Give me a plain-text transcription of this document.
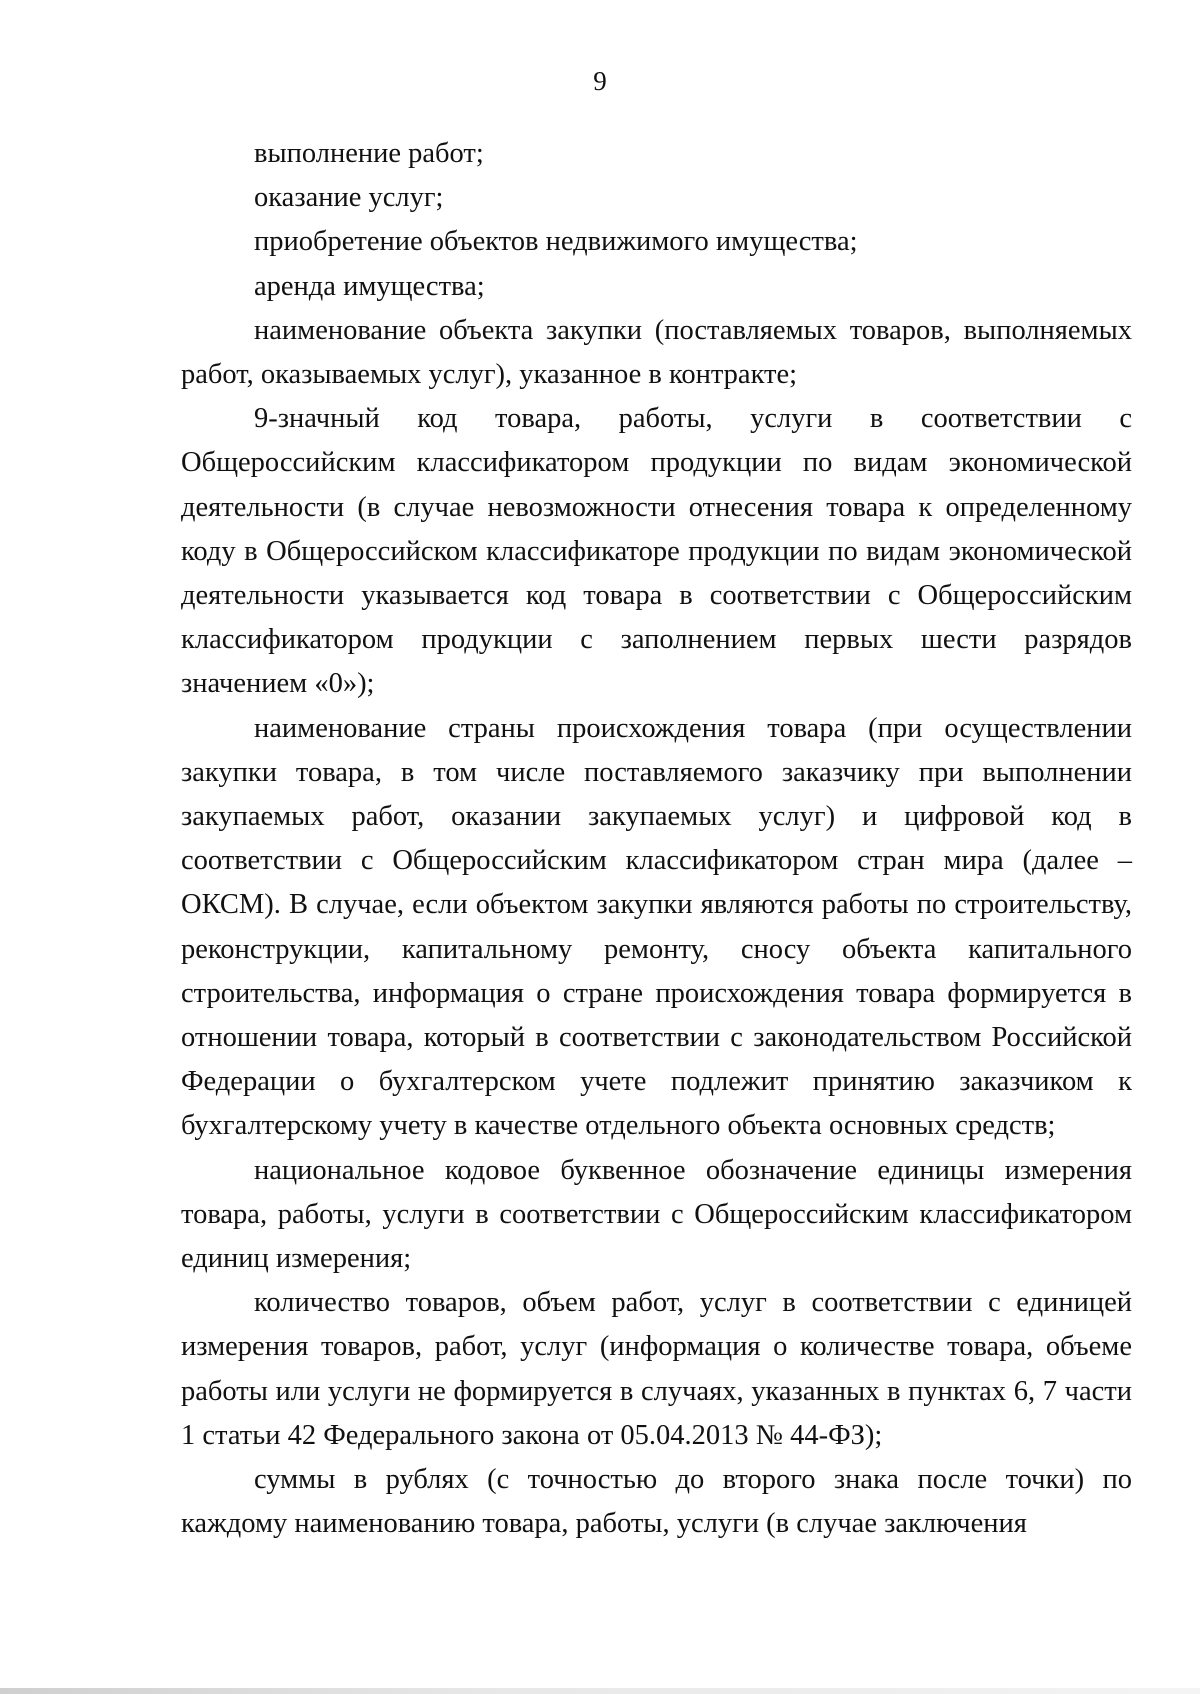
9

выполнение работ;

оказание услуг;

приобретение объектов недвижимого имущества;

аренда имущества;

наименование объекта закупки (поставляемых товаров, выполняемых работ, оказываемых услуг), указанное в контракте;

9-значный код товара, работы, услуги в соответствии с Общероссийским классификатором продукции по видам экономической деятельности (в случае невозможности отнесения товара к определенному коду в Общероссийском классификаторе продукции по видам экономической деятельности указывается код товара в соответствии с Общероссийским классификатором продукции с заполнением первых шести разрядов значением «0»);

наименование страны происхождения товара (при осуществлении закупки товара, в том числе поставляемого заказчику при выполнении закупаемых работ, оказании закупаемых услуг) и цифровой код в соответствии с Общероссийским классификатором стран мира (далее – ОКСМ). В случае, если объектом закупки являются работы по строительству, реконструкции, капитальному ремонту, сносу объекта капитального строительства, информация о стране происхождения товара формируется в отношении товара, который в соответствии с законодательством Российской Федерации о бухгалтерском учете подлежит принятию заказчиком к бухгалтерскому учету в качестве отдельного объекта основных средств;

национальное кодовое буквенное обозначение единицы измерения товара, работы, услуги в соответствии с Общероссийским классификатором единиц измерения;

количество товаров, объем работ, услуг в соответствии с единицей измерения товаров, работ, услуг (информация о количестве товара, объеме работы или услуги не формируется в случаях, указанных в пунктах 6, 7 части 1 статьи 42 Федерального закона от 05.04.2013 № 44-ФЗ);

суммы в рублях (с точностью до второго знака после точки) по каждому наименованию товара, работы, услуги (в случае заключения
